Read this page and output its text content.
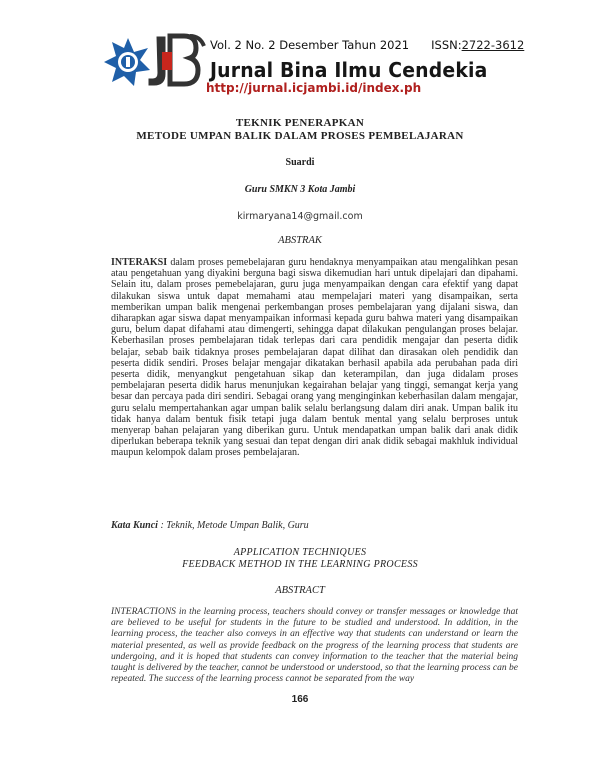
Vol. 2 No. 2 Desember Tahun 2021 ISSN:2722-3612
Jurnal Bina Ilmu Cendekia
http://jurnal.icjambi.id/index.ph
TEKNIK PENERAPKAN
METODE UMPAN BALIK DALAM PROSES PEMBELAJARAN
Suardi
Guru SMKN 3 Kota Jambi
kirmaryana14@gmail.com
ABSTRAK
INTERAKSI dalam proses pemebelajaran guru hendaknya menyampaikan atau mengalihkan pesan atau pengetahuan yang diyakini berguna bagi siswa dikemudian hari untuk dipelajari dan dipahami. Selain itu, dalam proses pemebelajaran, guru juga menyampaikan dengan cara efektif yang dapat dilakukan siswa untuk dapat memahami atau mempelajari materi yang disampaikan, serta memberikan umpan balik mengenai perkembangan proses pembelajaran yang dijalani siswa, dan diharapkan agar siswa dapat menyampaikan informasi kepada guru bahwa materi yang disampaikan guru, belum dapat difahami atau dimengerti, sehingga dapat dilakukan pengulangan proses belajar. Keberhasilan proses pembelajaran tidak terlepas dari cara pendidik mengajar dan peserta didik belajar, sebab baik tidaknya proses pembelajaran dapat dilihat dan dirasakan oleh pendidik dan peserta didik sendiri. Proses belajar mengajar dikatakan berhasil apabila ada perubahan pada diri peserta didik, menyangkut pengetahuan sikap dan keterampilan, dan juga didalam proses pembelajaran peserta didik harus menunjukan kegairahan belajar yang tinggi, semangat kerja yang besar dan percaya pada diri sendiri. Sebagai orang yang menginginkan keberhasilan dalam mengajar, guru selalu mempertahankan agar umpan balik selalu berlangsung dalam diri anak. Umpan balik itu tidak hanya dalam bentuk fisik tetapi juga dalam bentuk mental yang selalu berproses untuk menyerap bahan pelajaran yang diberikan guru. Untuk mendapatkan umpan balik dari anak didik diperlukan beberapa teknik yang sesuai dan tepat dengan diri anak didik sebagai makhluk individual maupun kelompok dalam proses pembelajaran.
Kata Kunci : Teknik, Metode Umpan Balik, Guru
APPLICATION TECHNIQUES
FEEDBACK METHOD IN THE LEARNING PROCESS
ABSTRACT
INTERACTIONS in the learning process, teachers should convey or transfer messages or knowledge that are believed to be useful for students in the future to be studied and understood. In addition, in the learning process, the teacher also conveys in an effective way that students can understand or learn the material presented, as well as provide feedback on the progress of the learning process that students are undergoing, and it is hoped that students can convey information to the teacher that the material being taught is delivered by the teacher, cannot be understood or understood, so that the learning process can be repeated. The success of the learning process cannot be separated from the way
166
